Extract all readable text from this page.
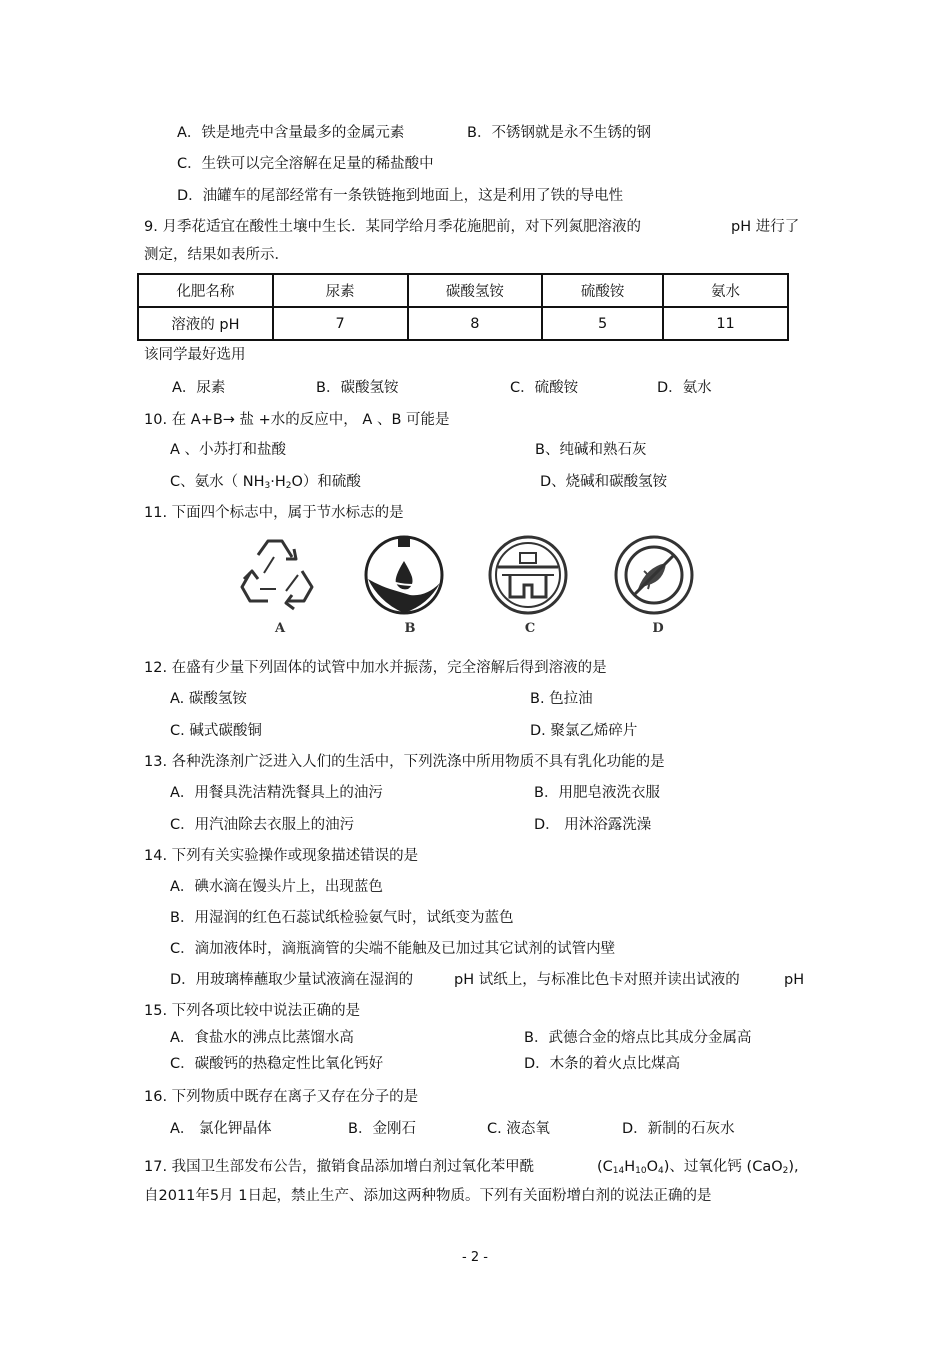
A．铁是地壳中含量最多的金属元素	B．不锈钢就是永不生锈的钢
C．生铁可以完全溶解在足量的稀盐酸中
D．油罐车的尾部经常有一条铁链拖到地面上，这是利用了铁的导电性
9. 月季花适宜在酸性土壤中生长．某同学给月季花施肥前，对下列氮肥溶液的	pH 进行了
测定，结果如表所示．
化肥名称	尿素	碳酸氢铵	硫酸铵	氨水
溶液的 pH	7	8	5	11
该同学最好选用
A．尿素	B．碳酸氢铵	C．硫酸铵	D．氨水
10. 在 A+B→ 盐 +水的反应中， A 、B 可能是
A 、小苏打和盐酸	B、纯碱和熟石灰
C、氨水（ $NH_3\cdot H_2O$）和硫酸	D、烧碱和碳酸氢铵
11. 下面四个标志中，属于节水标志的是
A	B	C	D
12. 在盛有少量下列固体的试管中加水并振荡，完全溶解后得到溶液的是
A. 碳酸氢铵	B. 色拉油
C. 碱式碳酸铜	D. 聚氯乙烯碎片
13. 各种洗涤剂广泛进入人们的生活中，下列洗涤中所用物质不具有乳化功能的是
A．用餐具洗洁精洗餐具上的油污	B．用肥皂液洗衣服
C．用汽油除去衣服上的油污	D． 用沐浴露洗澡
14. 下列有关实验操作或现象描述错误的是
A．碘水滴在馒头片上，出现蓝色
B．用湿润的红色石蕊试纸检验氨气时，试纸变为蓝色
C．滴加液体时，滴瓶滴管的尖端不能触及已加过其它试剂的试管内壁
D．用玻璃棒蘸取少量试液滴在湿润的	pH 试纸上，与标准比色卡对照并读出试液的	pH
15. 下列各项比较中说法正确的是
A．食盐水的沸点比蒸馏水高	B．武德合金的熔点比其成分金属高
C．碳酸钙的热稳定性比氧化钙好	D．木条的着火点比煤高
16. 下列物质中既存在离子又存在分子的是
A． 氯化钾晶体	B．金刚石	C. 液态氧	D．新制的石灰水
17. 我国卫生部发布公告，撤销食品添加增白剂过氧化苯甲酰	$(C_{14}H_{10}O_4)$、过氧化钙 (CaO$_2$),
自2011年5月 1日起，禁止生产、添加这两种物质。下列有关面粉增白剂的说法正确的是
- 2 -
